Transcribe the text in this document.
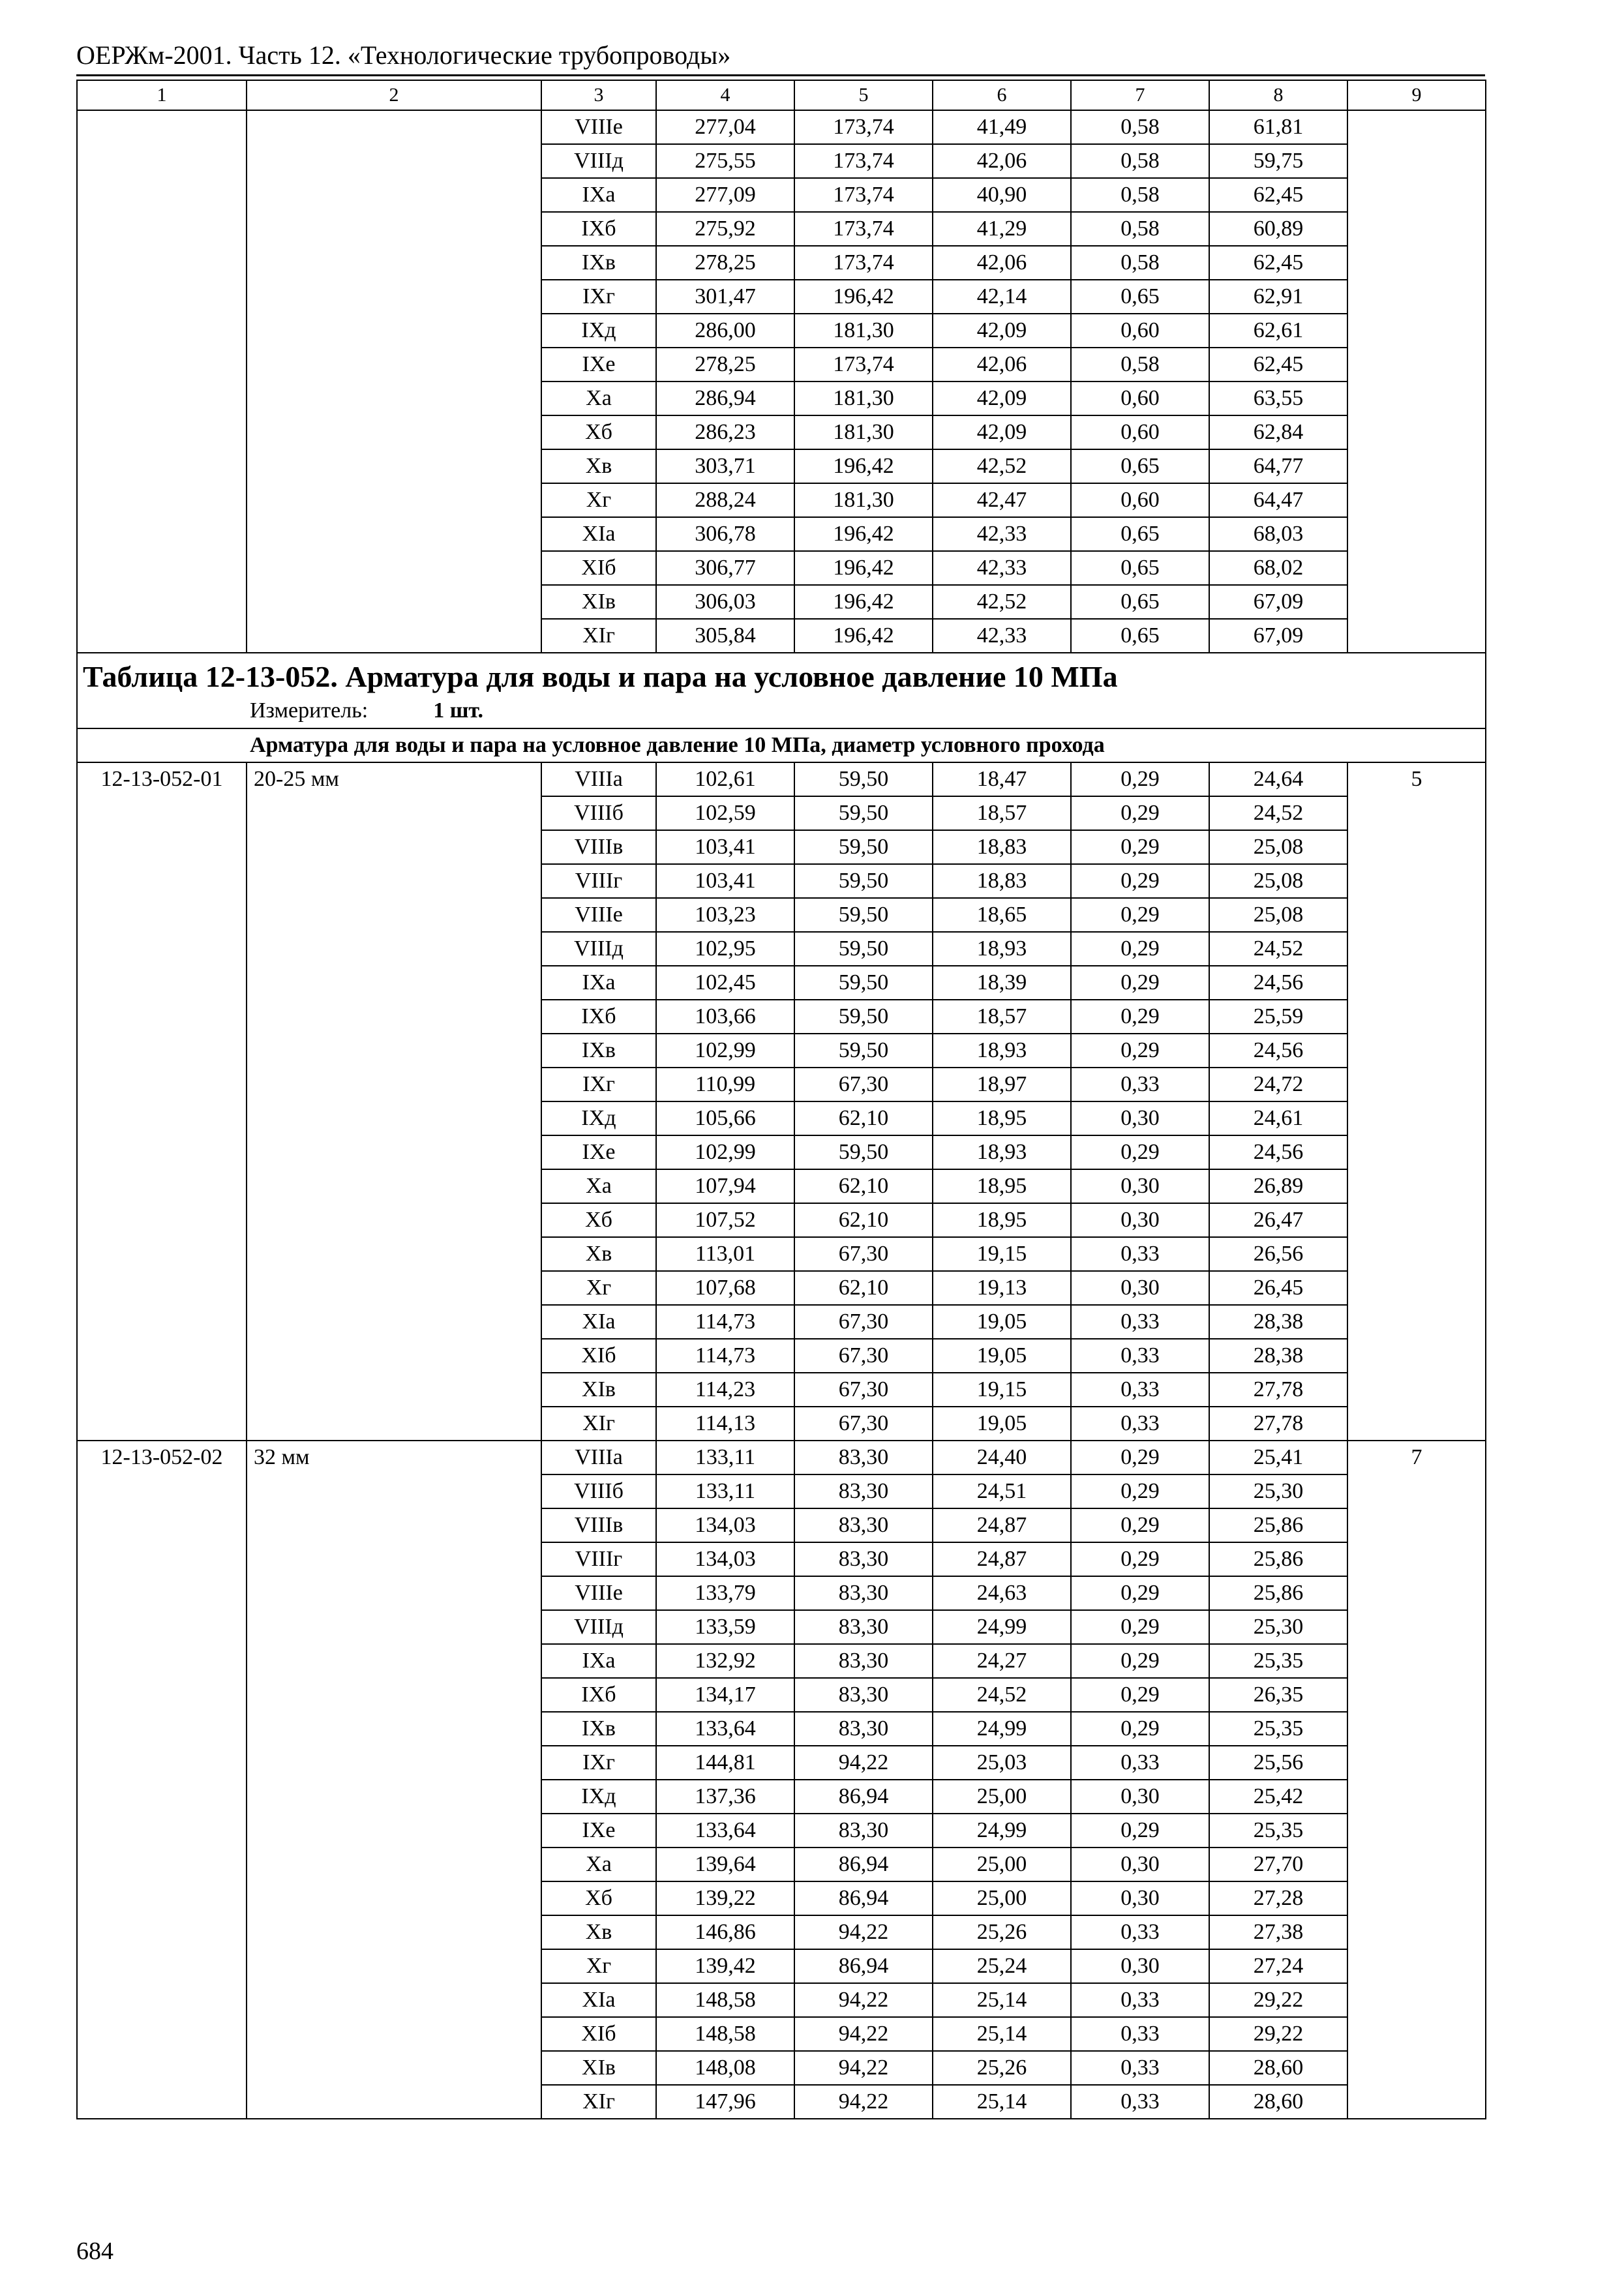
ОЕРЖм-2001. Часть 12. «Технологические трубопроводы»
1	2	3	4	5	6	7	8	9
		VIIIе	277,04	173,74	41,49	0,58	61,81	
		VIIIд	275,55	173,74	42,06	0,58	59,75	
		IXа	277,09	173,74	40,90	0,58	62,45	
		IXб	275,92	173,74	41,29	0,58	60,89	
		IXв	278,25	173,74	42,06	0,58	62,45	
		IXг	301,47	196,42	42,14	0,65	62,91	
		IXд	286,00	181,30	42,09	0,60	62,61	
		IXе	278,25	173,74	42,06	0,58	62,45	
		Xа	286,94	181,30	42,09	0,60	63,55	
		Xб	286,23	181,30	42,09	0,60	62,84	
		Xв	303,71	196,42	42,52	0,65	64,77	
		Xг	288,24	181,30	42,47	0,60	64,47	
		XIа	306,78	196,42	42,33	0,65	68,03	
		XIб	306,77	196,42	42,33	0,65	68,02	
		XIв	306,03	196,42	42,52	0,65	67,09	
		XIг	305,84	196,42	42,33	0,65	67,09	

Таблица 12-13-052. Арматура для воды и пара на условное давление 10 МПа
Измеритель: 1 шт.								

Арматура для воды и пара на условное давление 10 МПа, диаметр условного прохода								
12-13-052-01	20-25 мм	VIIIа	102,61	59,50	18,47	0,29	24,64	5
		VIIIб	102,59	59,50	18,57	0,29	24,52	
		VIIIв	103,41	59,50	18,83	0,29	25,08	
		VIIIг	103,41	59,50	18,83	0,29	25,08	
		VIIIе	103,23	59,50	18,65	0,29	25,08	
		VIIIд	102,95	59,50	18,93	0,29	24,52	
		IXа	102,45	59,50	18,39	0,29	24,56	
		IXб	103,66	59,50	18,57	0,29	25,59	
		IXв	102,99	59,50	18,93	0,29	24,56	
		IXг	110,99	67,30	18,97	0,33	24,72	
		IXд	105,66	62,10	18,95	0,30	24,61	
		IXе	102,99	59,50	18,93	0,29	24,56	
		Xа	107,94	62,10	18,95	0,30	26,89	
		Xб	107,52	62,10	18,95	0,30	26,47	
		Xв	113,01	67,30	19,15	0,33	26,56	
		Xг	107,68	62,10	19,13	0,30	26,45	
		XIа	114,73	67,30	19,05	0,33	28,38	
		XIб	114,73	67,30	19,05	0,33	28,38	
		XIв	114,23	67,30	19,15	0,33	27,78	
		XIг	114,13	67,30	19,05	0,33	27,78	
12-13-052-02	32 мм	VIIIа	133,11	83,30	24,40	0,29	25,41	7
		VIIIб	133,11	83,30	24,51	0,29	25,30	
		VIIIв	134,03	83,30	24,87	0,29	25,86	
		VIIIг	134,03	83,30	24,87	0,29	25,86	
		VIIIе	133,79	83,30	24,63	0,29	25,86	
		VIIIд	133,59	83,30	24,99	0,29	25,30	
		IXа	132,92	83,30	24,27	0,29	25,35	
		IXб	134,17	83,30	24,52	0,29	26,35	
		IXв	133,64	83,30	24,99	0,29	25,35	
		IXг	144,81	94,22	25,03	0,33	25,56	
		IXд	137,36	86,94	25,00	0,30	25,42	
		IXе	133,64	83,30	24,99	0,29	25,35	
		Xа	139,64	86,94	25,00	0,30	27,70	
		Xб	139,22	86,94	25,00	0,30	27,28	
		Xв	146,86	94,22	25,26	0,33	27,38	
		Xг	139,42	86,94	25,24	0,30	27,24	
		XIа	148,58	94,22	25,14	0,33	29,22	
		XIб	148,58	94,22	25,14	0,33	29,22	
		XIв	148,08	94,22	25,26	0,33	28,60	
		XIг	147,96	94,22	25,14	0,33	28,60	
684
